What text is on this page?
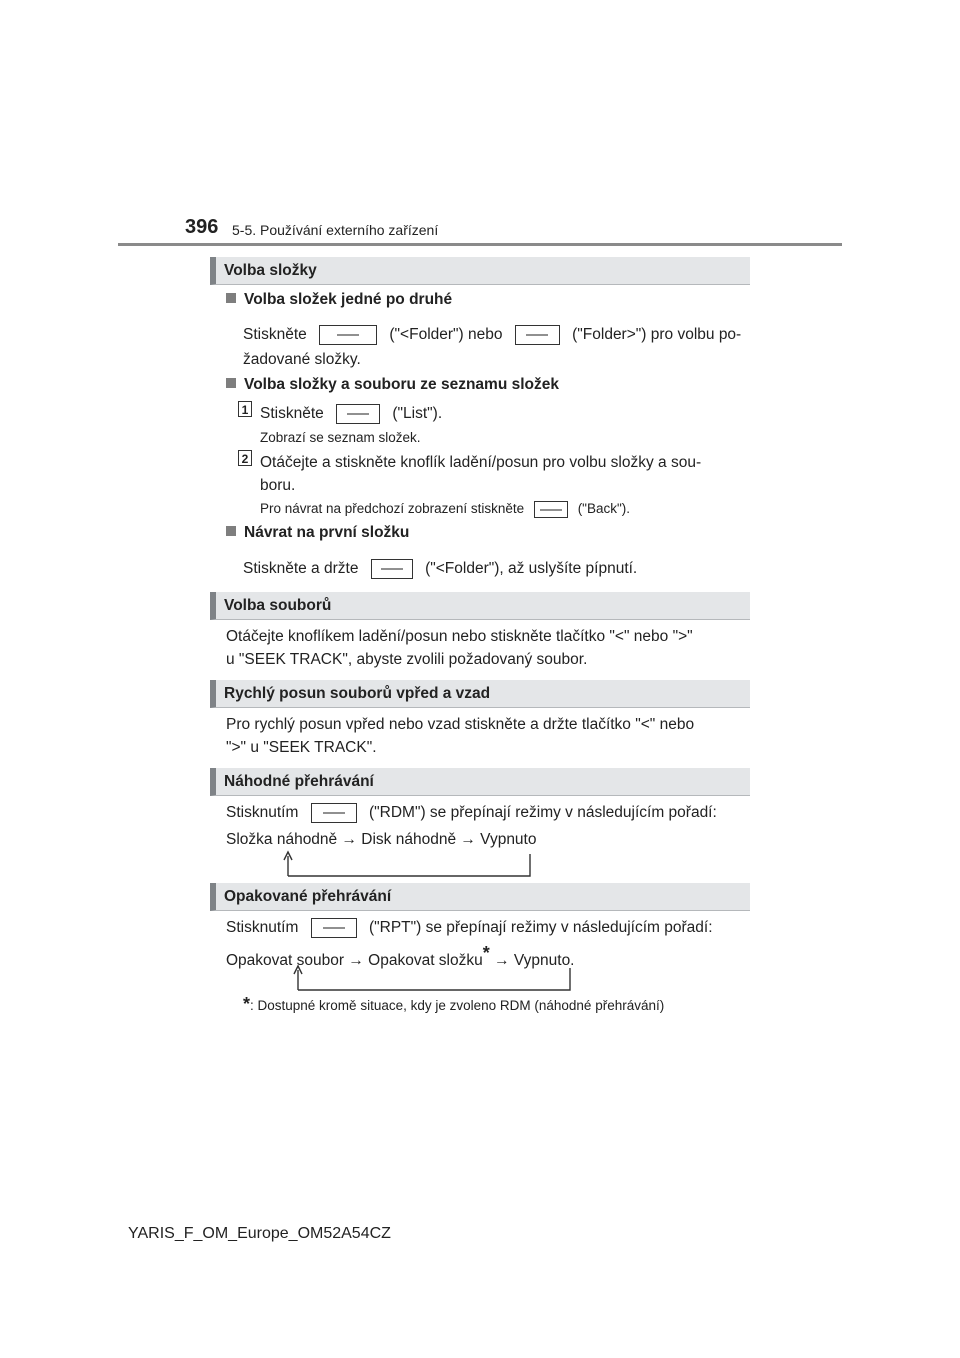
396 5-5. Používání externího zařízení
Volba složky
Volba složek jedné po druhé
Stiskněte	("<Folder") nebo	("Folder>") pro volbu po-
žadované složky.
Volba složky a souboru ze seznamu složek
1 Stiskněte	("List").
Zobrazí se seznam složek.
2 Otáčejte a stiskněte knoflík ladění/posun pro volbu složky a sou-
boru.
Pro návrat na předchozí zobrazení stiskněte	("Back").
Návrat na první složku
Stiskněte a držte	("<Folder"), až uslyšíte pípnutí.
Volba souborů
Otáčejte knoflíkem ladění/posun nebo stiskněte tlačítko "<" nebo ">"
u "SEEK TRACK", abyste zvolili požadovaný soubor.
Rychlý posun souborů vpřed a vzad
Pro rychlý posun vpřed nebo vzad stiskněte a držte tlačítko "<" nebo
">" u "SEEK TRACK".
Náhodné přehrávání
Stisknutím	("RDM") se přepínají režimy v následujícím pořadí:
Složka náhodně → Disk náhodně → Vypnuto
Opakované přehrávání
Stisknutím	("RPT") se přepínají režimy v následujícím pořadí:
Opakovat soubor → Opakovat složku* → Vypnuto.
*: Dostupné kromě situace, kdy je zvoleno RDM (náhodné přehrávání)
YARIS_F_OM_Europe_OM52A54CZ
